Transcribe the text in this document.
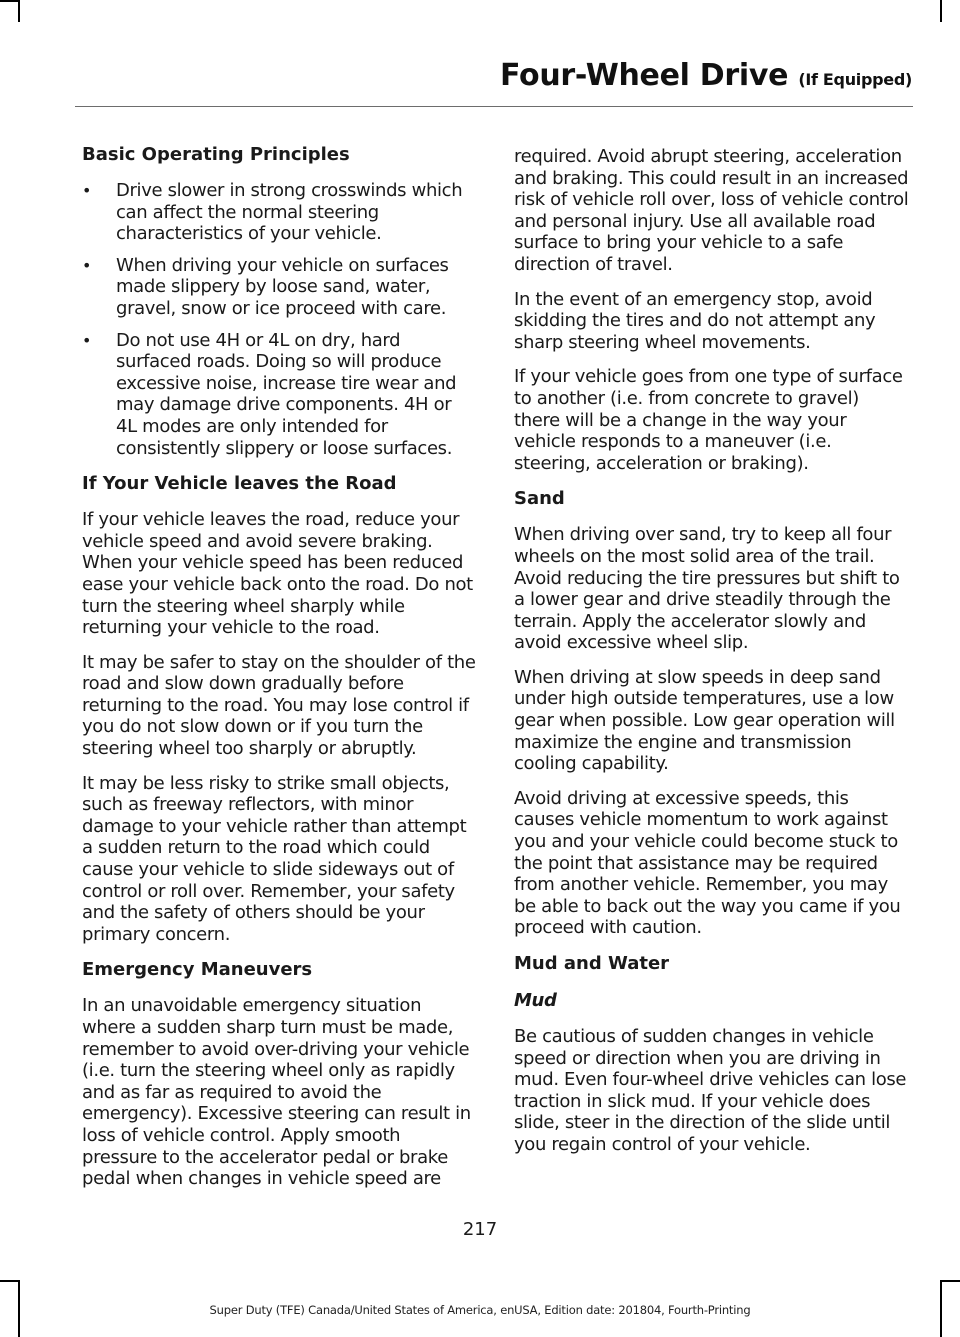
Four-Wheel Drive (If Equipped)
Basic Operating Principles
• Drive slower in strong crosswinds which can affect the normal steering characteristics of your vehicle.
• When driving your vehicle on surfaces made slippery by loose sand, water, gravel, snow or ice proceed with care.
• Do not use 4H or 4L on dry, hard surfaced roads. Doing so will produce excessive noise, increase tire wear and may damage drive components. 4H or 4L modes are only intended for consistently slippery or loose surfaces.
If Your Vehicle leaves the Road

If your vehicle leaves the road, reduce your vehicle speed and avoid severe braking. When your vehicle speed has been reduced ease your vehicle back onto the road. Do not turn the steering wheel sharply while returning your vehicle to the road.

It may be safer to stay on the shoulder of the road and slow down gradually before returning to the road. You may lose control if you do not slow down or if you turn the steering wheel too sharply or abruptly.

It may be less risky to strike small objects, such as freeway reflectors, with minor damage to your vehicle rather than attempt a sudden return to the road which could cause your vehicle to slide sideways out of control or roll over. Remember, your safety and the safety of others should be your primary concern.

Emergency Maneuvers

In an unavoidable emergency situation where a sudden sharp turn must be made, remember to avoid over-driving your vehicle (i.e. turn the steering wheel only as rapidly and as far as required to avoid the emergency). Excessive steering can result in loss of vehicle control. Apply smooth pressure to the accelerator pedal or brake pedal when changes in vehicle speed are

required. Avoid abrupt steering, acceleration and braking. This could result in an increased risk of vehicle roll over, loss of vehicle control and personal injury. Use all available road surface to bring your vehicle to a safe direction of travel.

In the event of an emergency stop, avoid skidding the tires and do not attempt any sharp steering wheel movements.

If your vehicle goes from one type of surface to another (i.e. from concrete to gravel) there will be a change in the way your vehicle responds to a maneuver (i.e. steering, acceleration or braking).

Sand

When driving over sand, try to keep all four wheels on the most solid area of the trail. Avoid reducing the tire pressures but shift to a lower gear and drive steadily through the terrain. Apply the accelerator slowly and avoid excessive wheel slip.

When driving at slow speeds in deep sand under high outside temperatures, use a low gear when possible. Low gear operation will maximize the engine and transmission cooling capability.

Avoid driving at excessive speeds, this causes vehicle momentum to work against you and your vehicle could become stuck to the point that assistance may be required from another vehicle. Remember, you may be able to back out the way you came if you proceed with caution.

Mud and Water
Mud

Be cautious of sudden changes in vehicle speed or direction when you are driving in mud. Even four-wheel drive vehicles can lose traction in slick mud. If your vehicle does slide, steer in the direction of the slide until you regain control of your vehicle.

217
Super Duty (TFE) Canada/United States of America, enUSA, Edition date: 201804, Fourth-Printing
